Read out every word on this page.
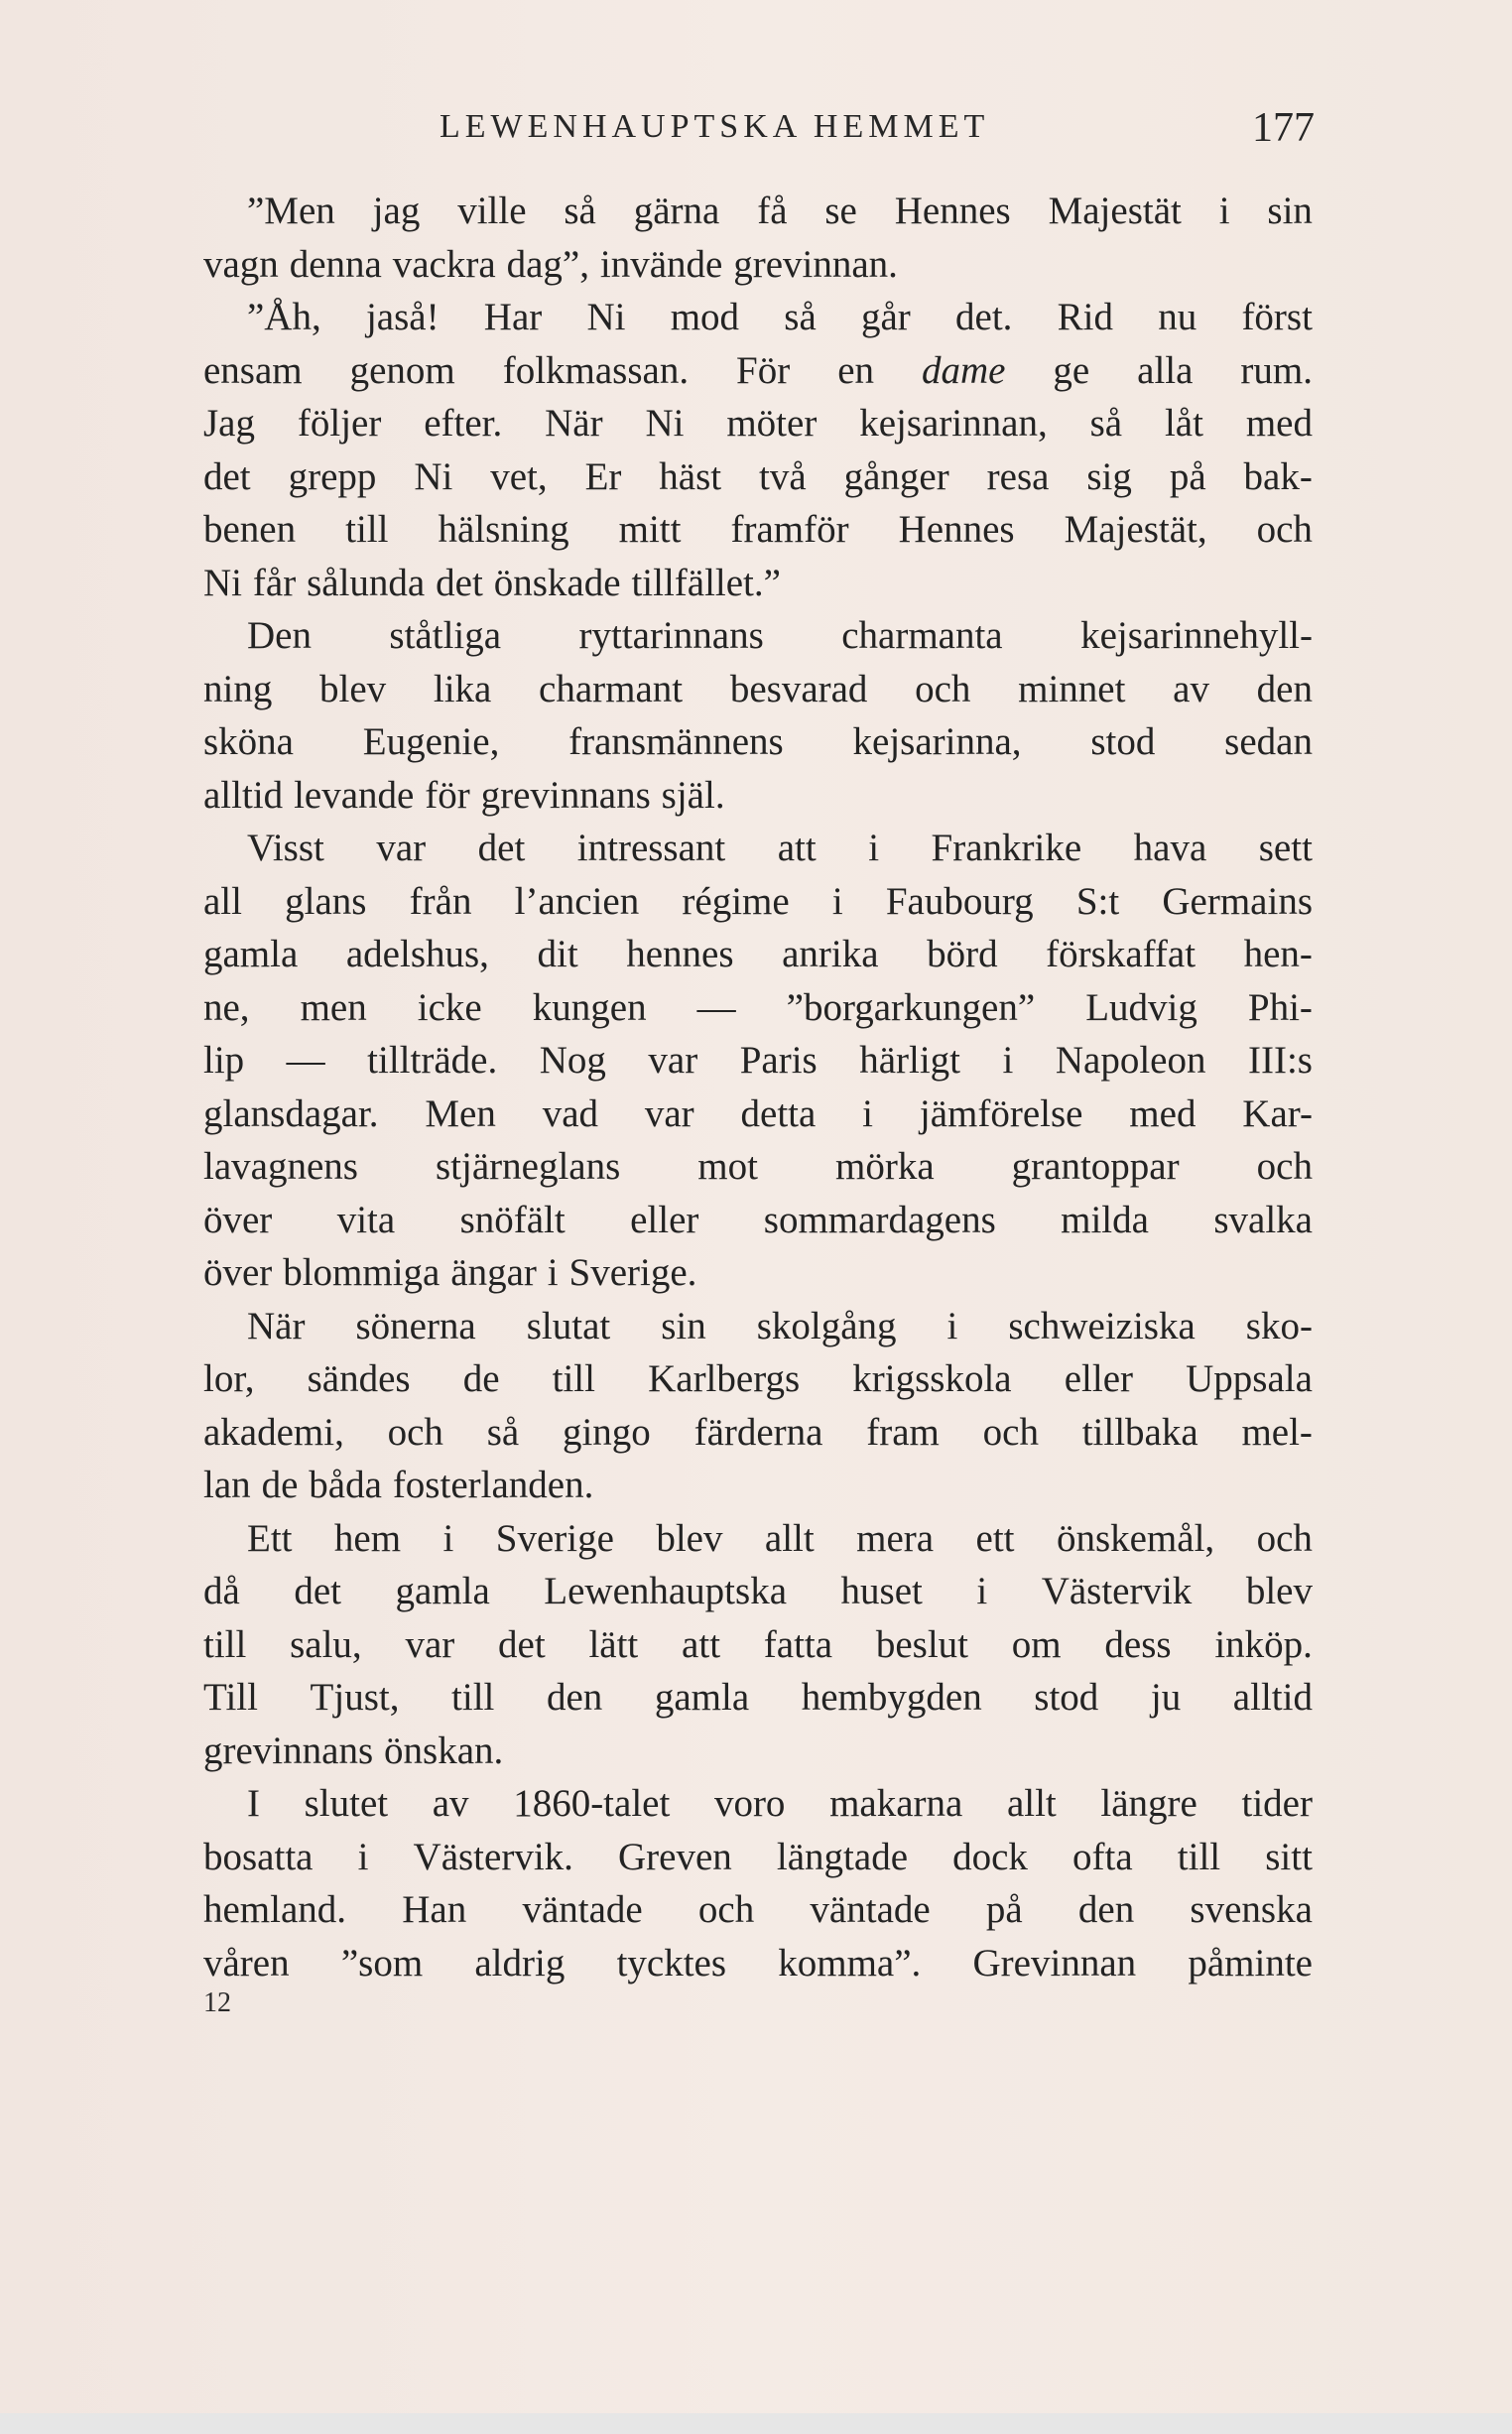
LEWENHAUPTSKA HEMMET	177
”Men jag ville så gärna få se Hennes Majestät i sin
vagn denna vackra dag”, invände grevinnan.
”Åh, jaså! Har Ni mod så går det. Rid nu först
ensam genom folkmassan. För en dame ge alla rum.
Jag följer efter. När Ni möter kejsarinnan, så låt med
det grepp Ni vet, Er häst två gånger resa sig på bak-
benen till hälsning mitt framför Hennes Majestät, och
Ni får sålunda det önskade tillfället.”
Den ståtliga ryttarinnans charmanta kejsarinnehyll-
ning blev lika charmant besvarad och minnet av den
sköna Eugenie, fransmännens kejsarinna, stod sedan
alltid levande för grevinnans själ.
Visst var det intressant att i Frankrike hava sett
all glans från l’ancien régime i Faubourg S:t Germains
gamla adelshus, dit hennes anrika börd förskaffat hen-
ne, men icke kungen — ”borgarkungen” Ludvig Phi-
lip — tillträde. Nog var Paris härligt i Napoleon III:s
glansdagar. Men vad var detta i jämförelse med Kar-
lavagnens stjärneglans mot mörka grantoppar och
över vita snöfält eller sommardagens milda svalka
över blommiga ängar i Sverige.
När sönerna slutat sin skolgång i schweiziska sko-
lor, sändes de till Karlbergs krigsskola eller Uppsala
akademi, och så gingo färderna fram och tillbaka mel-
lan de båda fosterlanden.
Ett hem i Sverige blev allt mera ett önskemål, och
då det gamla Lewenhauptska huset i Västervik blev
till salu, var det lätt att fatta beslut om dess inköp.
Till Tjust, till den gamla hembygden stod ju alltid
grevinnans önskan.
I slutet av 1860-talet voro makarna allt längre tider
bosatta i Västervik. Greven längtade dock ofta till sitt
hemland. Han väntade och väntade på den svenska
våren ”som aldrig tycktes komma”. Grevinnan påminte
12
